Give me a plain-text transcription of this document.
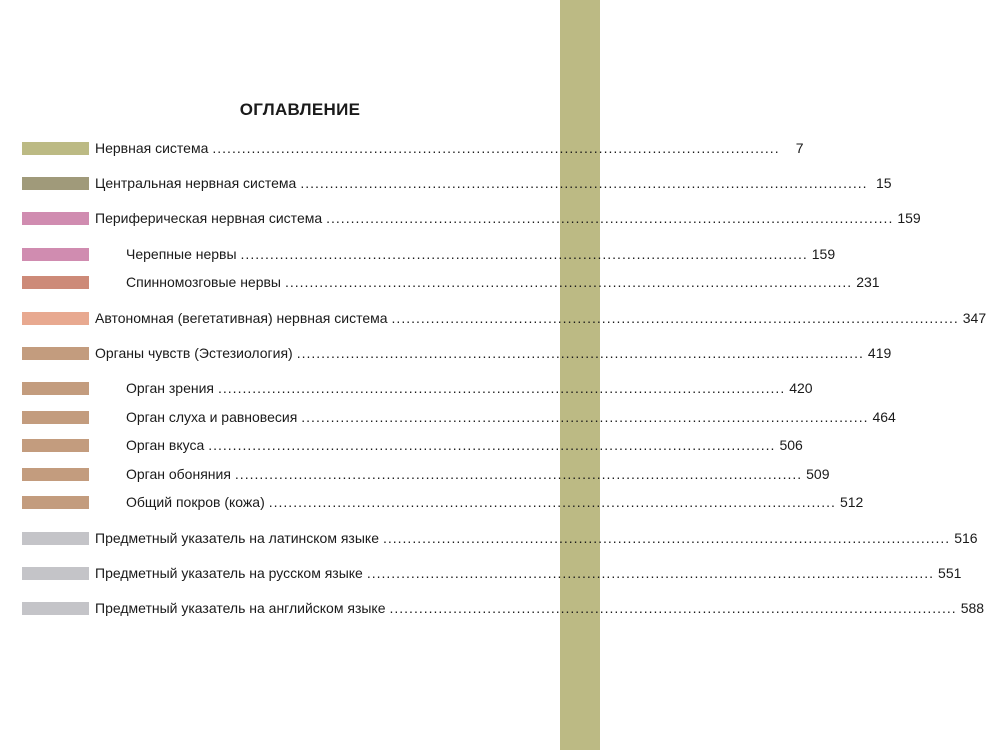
ОГЛАВЛЕНИЕ
Нервная система ....................................................................................................................	7
Центральная нервная система .................................................................................................................... 15
Периферическая нервная система .................................................................................................................... 159
Черепные нервы .................................................................................................................... 159
Спинномозговые нервы .................................................................................................................... 231
Автономная (вегетативная) нервная система .................................................................................................................... 347
Органы чувств (Эстезиология) .................................................................................................................... 419
Орган зрения .................................................................................................................... 420
Орган слуха и равновесия .................................................................................................................... 464
Орган вкуса .................................................................................................................... 506
Орган обоняния .................................................................................................................... 509
Общий покров (кожа) .................................................................................................................... 512
Предметный указатель на латинском языке .................................................................................................................... 516
Предметный указатель на русском языке .................................................................................................................... 551
Предметный указатель на английском языке .................................................................................................................... 588
